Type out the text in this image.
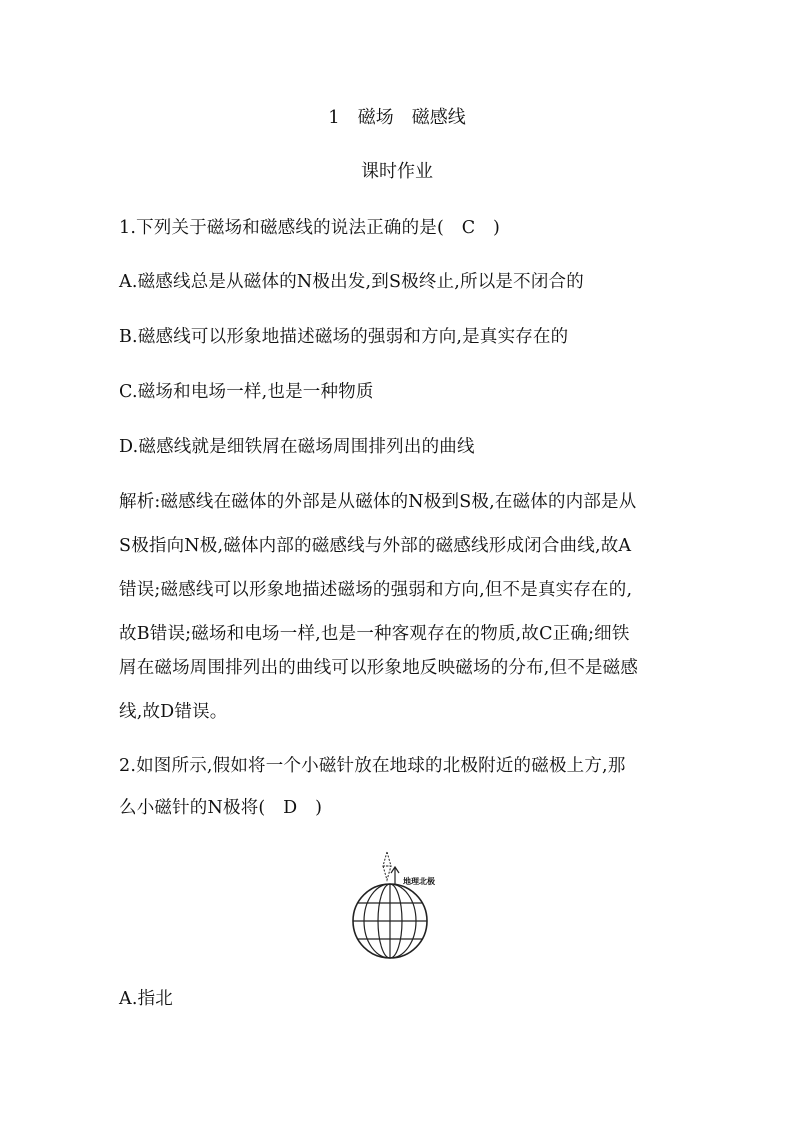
1　磁场　磁感线
课时作业
1.下列关于磁场和磁感线的说法正确的是(　C　)
A.磁感线总是从磁体的N极出发,到S极终止,所以是不闭合的
B.磁感线可以形象地描述磁场的强弱和方向,是真实存在的
C.磁场和电场一样,也是一种物质
D.磁感线就是细铁屑在磁场周围排列出的曲线
解析:磁感线在磁体的外部是从磁体的N极到S极,在磁体的内部是从
S极指向N极,磁体内部的磁感线与外部的磁感线形成闭合曲线,故A
错误;磁感线可以形象地描述磁场的强弱和方向,但不是真实存在的,
故B错误;磁场和电场一样,也是一种客观存在的物质,故C正确;细铁
屑在磁场周围排列出的曲线可以形象地反映磁场的分布,但不是磁感
线,故D错误。
2.如图所示,假如将一个小磁针放在地球的北极附近的磁极上方,那
么小磁针的N极将(　D　)
地理北极
A.指北
